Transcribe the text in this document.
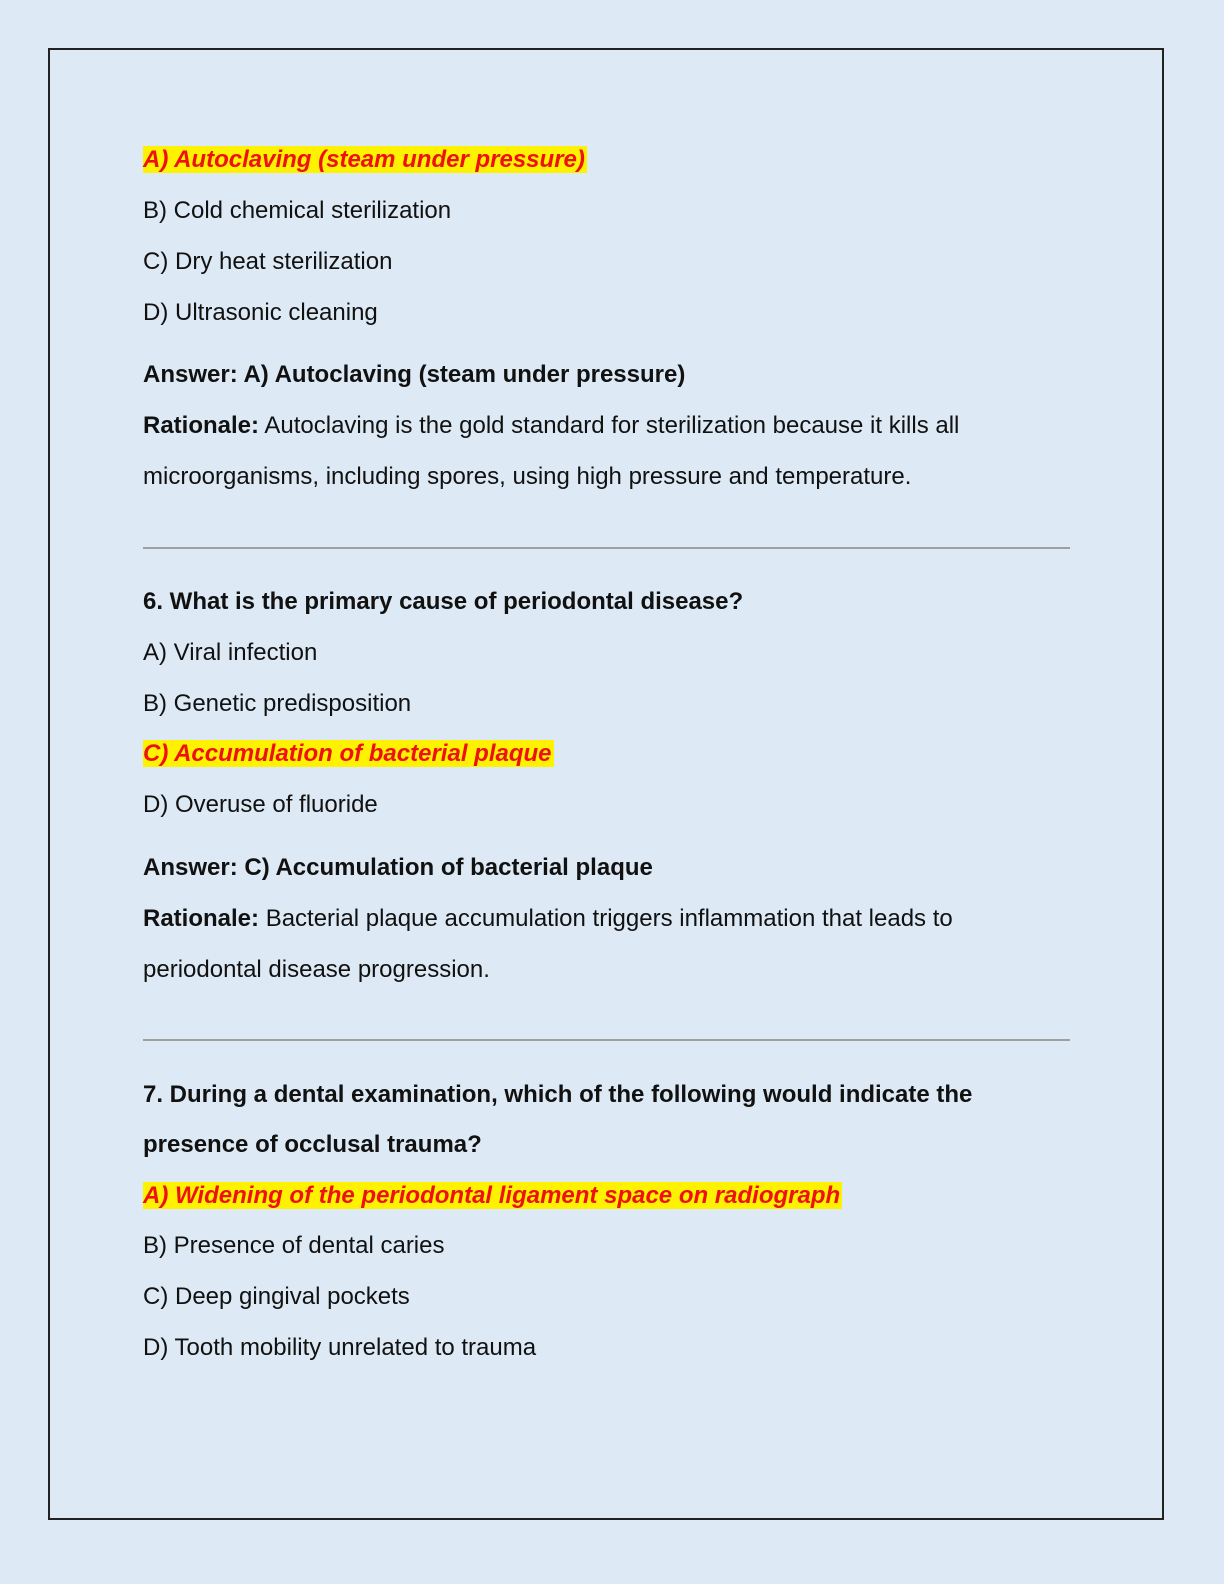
A) Autoclaving (steam under pressure)
B) Cold chemical sterilization
C) Dry heat sterilization
D) Ultrasonic cleaning
Answer: A) Autoclaving (steam under pressure)
Rationale: Autoclaving is the gold standard for sterilization because it kills all
microorganisms, including spores, using high pressure and temperature.
6. What is the primary cause of periodontal disease?
A) Viral infection
B) Genetic predisposition
C) Accumulation of bacterial plaque
D) Overuse of fluoride
Answer: C) Accumulation of bacterial plaque
Rationale: Bacterial plaque accumulation triggers inflammation that leads to
periodontal disease progression.
7. During a dental examination, which of the following would indicate the
presence of occlusal trauma?
A) Widening of the periodontal ligament space on radiograph
B) Presence of dental caries
C) Deep gingival pockets
D) Tooth mobility unrelated to trauma
